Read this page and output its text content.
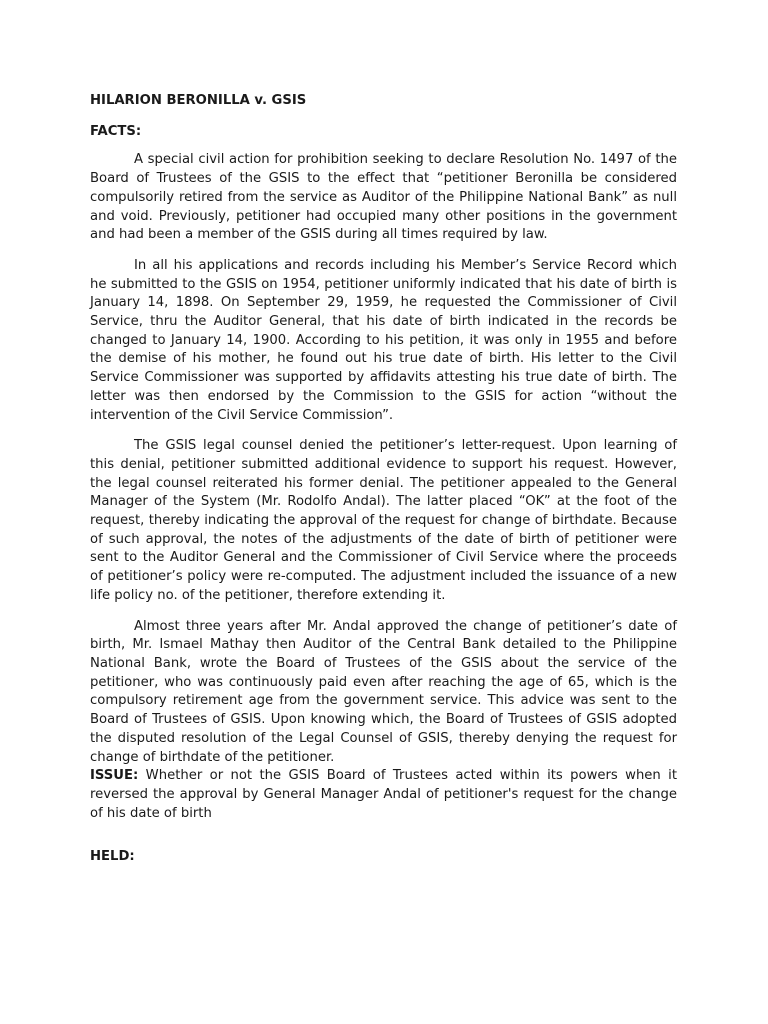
HILARION BERONILLA v. GSIS

FACTS:

A special civil action for prohibition seeking to declare Resolution No. 1497 of the Board of Trustees of the GSIS to the effect that “petitioner Beronilla be considered compulsorily retired from the service as Auditor of the Philippine National Bank” as null and void. Previously, petitioner had occupied many other positions in the government and had been a member of the GSIS during all times required by law.

In all his applications and records including his Member’s Service Record which he submitted to the GSIS on 1954, petitioner uniformly indicated that his date of birth is January 14, 1898. On September 29, 1959, he requested the Commissioner of Civil Service, thru the Auditor General, that his date of birth indicated in the records be changed to January 14, 1900. According to his petition, it was only in 1955 and before the demise of his mother, he found out his true date of birth. His letter to the Civil Service Commissioner was supported by affidavits attesting his true date of birth. The letter was then endorsed by the Commission to the GSIS for action “without the intervention of the Civil Service Commission”.

The GSIS legal counsel denied the petitioner’s letter-request. Upon learning of this denial, petitioner submitted additional evidence to support his request. However, the legal counsel reiterated his former denial. The petitioner appealed to the General Manager of the System (Mr. Rodolfo Andal). The latter placed “OK” at the foot of the request, thereby indicating the approval of the request for change of birthdate. Because of such approval, the notes of the adjustments of the date of birth of petitioner were sent to the Auditor General and the Commissioner of Civil Service where the proceeds of petitioner’s policy were re-computed. The adjustment included the issuance of a new life policy no. of the petitioner, therefore extending it.

Almost three years after Mr. Andal approved the change of petitioner’s date of birth, Mr. Ismael Mathay then Auditor of the Central Bank detailed to the Philippine National Bank, wrote the Board of Trustees of the GSIS about the service of the petitioner, who was continuously paid even after reaching the age of 65, which is the compulsory retirement age from the government service. This advice was sent to the Board of Trustees of GSIS. Upon knowing which, the Board of Trustees of GSIS adopted the disputed resolution of the Legal Counsel of GSIS, thereby denying the request for change of birthdate of the petitioner.

ISSUE: Whether or not the GSIS Board of Trustees acted within its powers when it reversed the approval by General Manager Andal of petitioner's request for the change of his date of birth

HELD:
